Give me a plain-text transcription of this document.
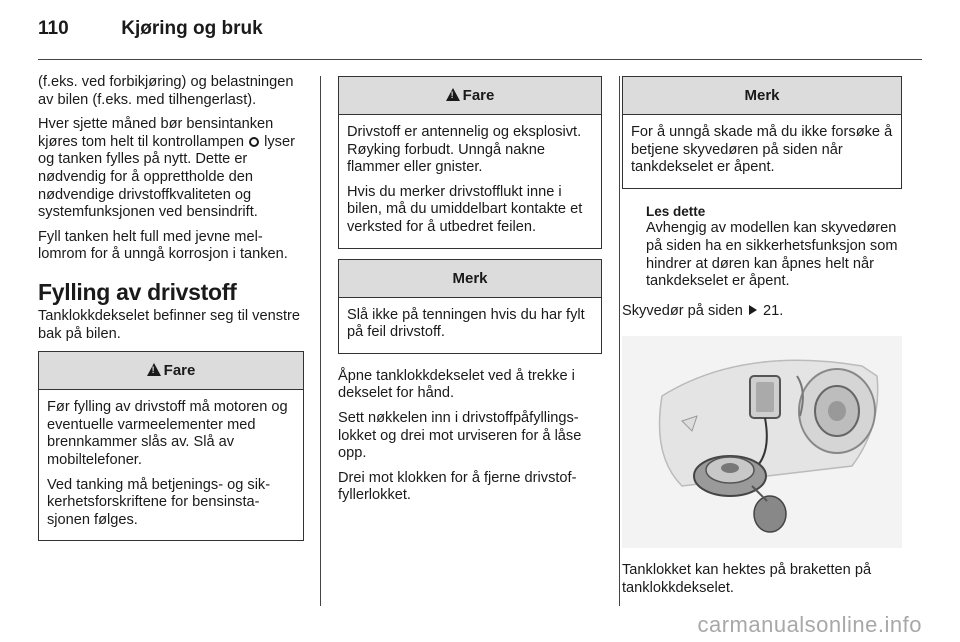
110	Kjøring og bruk

(f.eks. ved forbikjøring) og belastningen av bilen (f.eks. med tilhengerlast).

Hver sjette måned bør bensintanken kjøres tom helt til kontrollampen  lyser og tanken fylles på nytt. Dette er nødvendig for å opprettholde den nødvendige drivstoffkvaliteten og systemfunksjonen ved bensindrift.

Fyll tanken helt full med jevne mellomrom for å unngå korrosjon i tanken.

Fylling av drivstoff

Tanklokkdekselet befinner seg til venstre bak på bilen.

!Fare

Før fylling av drivstoff må motoren og eventuelle varmeelementer med brennkammer slås av. Slå av mobiltelefoner.

Ved tanking må betjenings- og sikkerhetsforskriftene for bensinstasjonen følges.

!Fare

Drivstoff er antennelig og eksplosivt. Røyking forbudt. Unngå nakne flammer eller gnister.

Hvis du merker drivstofflukt inne i bilen, må du umiddelbart kontakte et verksted for å utbedret feilen.

Merk

Slå ikke på tenningen hvis du har fylt på feil drivstoff.

Åpne tanklokkdekselet ved å trekke i dekselet for hånd.

Sett nøkkelen inn i drivstoffpåfyllingslokket og drei mot urviseren for å låse opp.

Drei mot klokken for å fjerne drivstoffyllerlokket.

Merk

For å unngå skade må du ikke forsøke å betjene skyvedøren på siden når tankdekselet er åpent.

Les dette
Avhengig av modellen kan skyvedøren på siden ha en sikkerhetsfunksjon som hindrer at døren kan åpnes helt når tankdekselet er åpent.

Skyvedør på siden  21.

Tanklokket kan hektes på braketten på tanklokkdekselet.

carmanualsonline.info
